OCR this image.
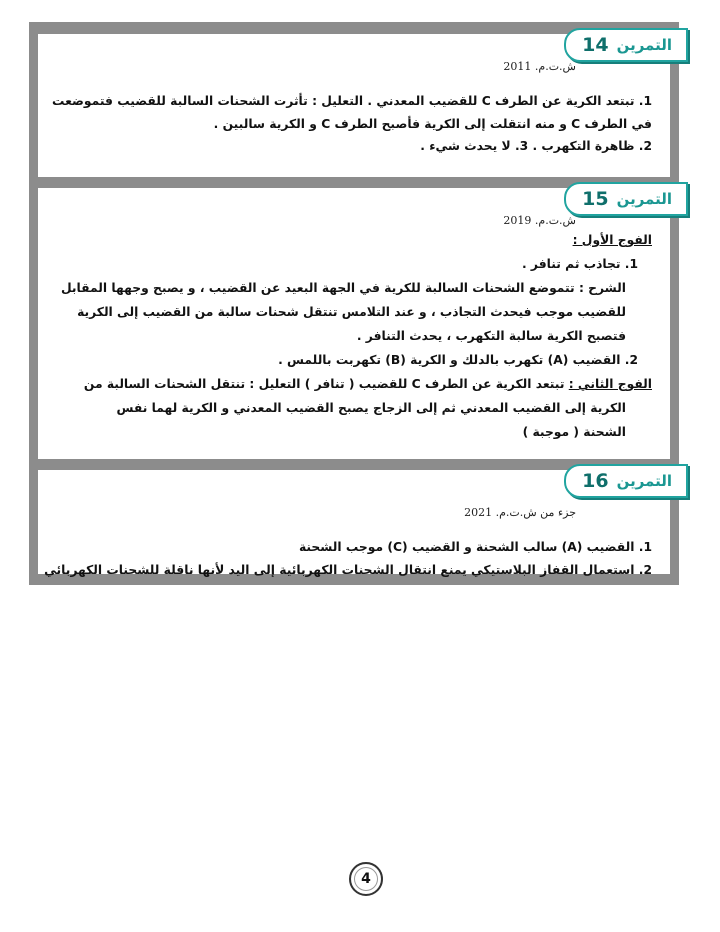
التمرين
14
ش.ت.م. 2011
1. تبتعد الكرية عن الطرف C للقضيب المعدني . التعليل : تأثرت الشحنات السالبة للقضيب فتموضعت
في الطرف C و منه انتقلت إلى الكرية فأصبح الطرف C و الكرية سالبين .
2. ظاهرة التكهرب . 3. لا يحدث شيء .
التمرين
15
ش.ت.م. 2019
الفوج الأول :
1. تجاذب ثم تنافر .
الشرح : تتموضع الشحنات السالبة للكرية في الجهة البعيد عن القضيب ، و يصبح وجهها المقابل
للقضيب موجب فيحدث التجاذب ، و عند التلامس تنتقل شحنات سالبة من القضيب إلى الكرية
فتصبح الكرية سالبة التكهرب ، يحدث التنافر .
2. القضيب (A) تكهرب بالدلك و الكرية (B) تكهربت باللمس .
الفوج الثاني : تبتعد الكرية عن الطرف C للقضيب ( تنافر ) التعليل : تنتقل الشحنات السالبة من
الكرية إلى القضيب المعدني ثم إلى الزجاج يصبح القضيب المعدني و الكرية لهما نفس
الشحنة ( موجبة )
التمرين
16
جزء من ش.ت.م. 2021
1. القضيب (A) سالب الشحنة و القضيب (C) موجب الشحنة
2. استعمال القفاز البلاستيكي يمنع انتقال الشحنات الكهربائية إلى اليد لأنها ناقلة للشحنات الكهربائي
4
